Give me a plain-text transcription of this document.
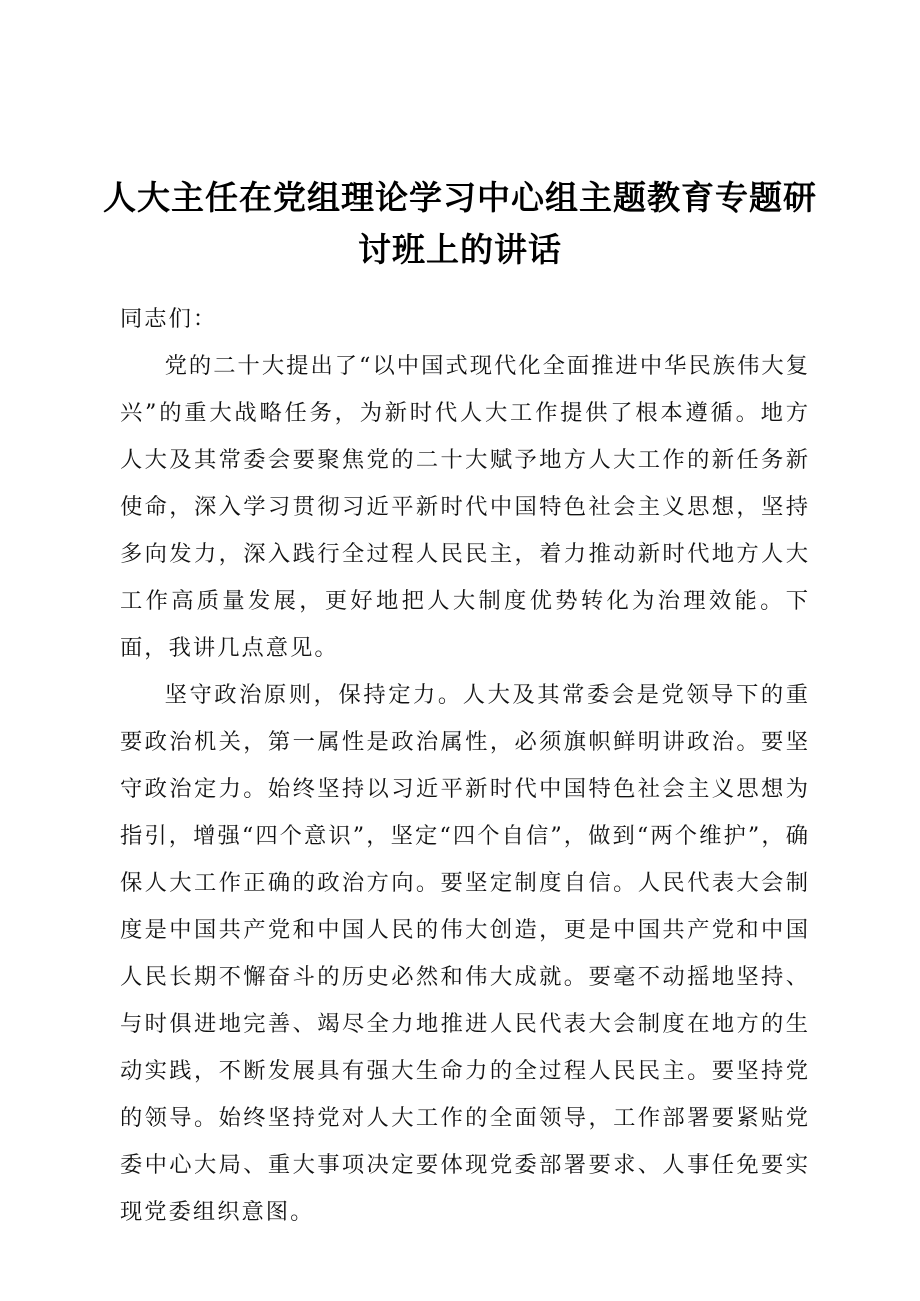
人大主任在党组理论学习中心组主题教育专题研讨班上的讲话

同志们：

党的二十大提出了“以中国式现代化全面推进中华民族伟大复兴”的重大战略任务，为新时代人大工作提供了根本遵循。地方人大及其常委会要聚焦党的二十大赋予地方人大工作的新任务新使命，深入学习贯彻习近平新时代中国特色社会主义思想，坚持多向发力，深入践行全过程人民民主，着力推动新时代地方人大工作高质量发展，更好地把人大制度优势转化为治理效能。下面，我讲几点意见。

坚守政治原则，保持定力。人大及其常委会是党领导下的重要政治机关，第一属性是政治属性，必须旗帜鲜明讲政治。要坚守政治定力。始终坚持以习近平新时代中国特色社会主义思想为指引，增强“四个意识”，坚定“四个自信”，做到“两个维护”，确保人大工作正确的政治方向。要坚定制度自信。人民代表大会制度是中国共产党和中国人民的伟大创造，更是中国共产党和中国人民长期不懈奋斗的历史必然和伟大成就。要毫不动摇地坚持、与时俱进地完善、竭尽全力地推进人民代表大会制度在地方的生动实践，不断发展具有强大生命力的全过程人民民主。要坚持党的领导。始终坚持党对人大工作的全面领导，工作部署要紧贴党委中心大局、重大事项决定要体现党委部署要求、人事任免要实现党委组织意图。
